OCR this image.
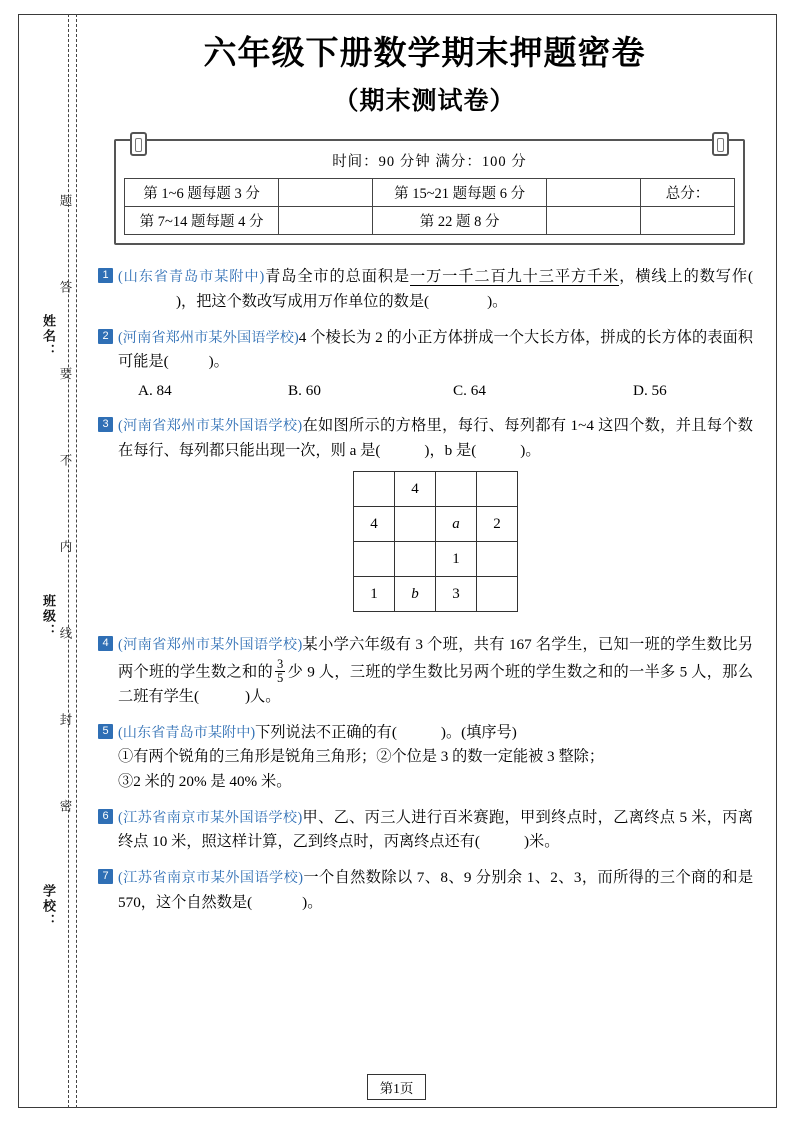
姓名：
班级：
学校：
题 答 要 不 内 线 封 密
六年级下册数学期末押题密卷
（期末测试卷）
时间：90 分钟 满分：100 分
第 1~6 题每题 3 分		第 15~21 题每题 6 分		总分：
第 7~14 题每题 4 分		第 22 题 8 分		
1 (山东省青岛市某附中)青岛全市的总面积是一万一千二百九十三平方千米，横线上的数写作()，把这个数改写成用万作单位的数是(	)。
2 (河南省郑州市某外国语学校)4 个棱长为 2 的小正方体拼成一个大长方体，拼成的长方体的表面积可能是(	)。
A. 84	B. 60	C. 64	D. 56
3 (河南省郑州市某外国语学校)在如图所示的方格里，每行、每列都有 1~4 这四个数，并且每个数在每行、每列都只能出现一次，则 a 是(	)，b 是(	)。
	4		
4		a	2
		1	
1	b	3	
4 (河南省郑州市某外国语学校)某小学六年级有 3 个班，共有 167 名学生，已知一班的学生数比另两个班的学生数之和的 $\frac{3}{5}$ 少 9 人，三班的学生数比另两个班的学生数之和的一半多 5 人，那么二班有学生(	)人。
5 (山东省青岛市某附中)下列说法不正确的有(	)。(填序号)
①有两个锐角的三角形是锐角三角形；②个位是 3 的数一定能被 3 整除；
③2 米的 20% 是 40% 米。
6 (江苏省南京市某外国语学校)甲、乙、丙三人进行百米赛跑，甲到终点时，乙离终点 5 米，丙离终点 10 米，照这样计算，乙到终点时，丙离终点还有(	)米。
7 (江苏省南京市某外国语学校)一个自然数除以 7、8、9 分别余 1、2、3，而所得的三个商的和是 570，这个自然数是(	)。
第1页
